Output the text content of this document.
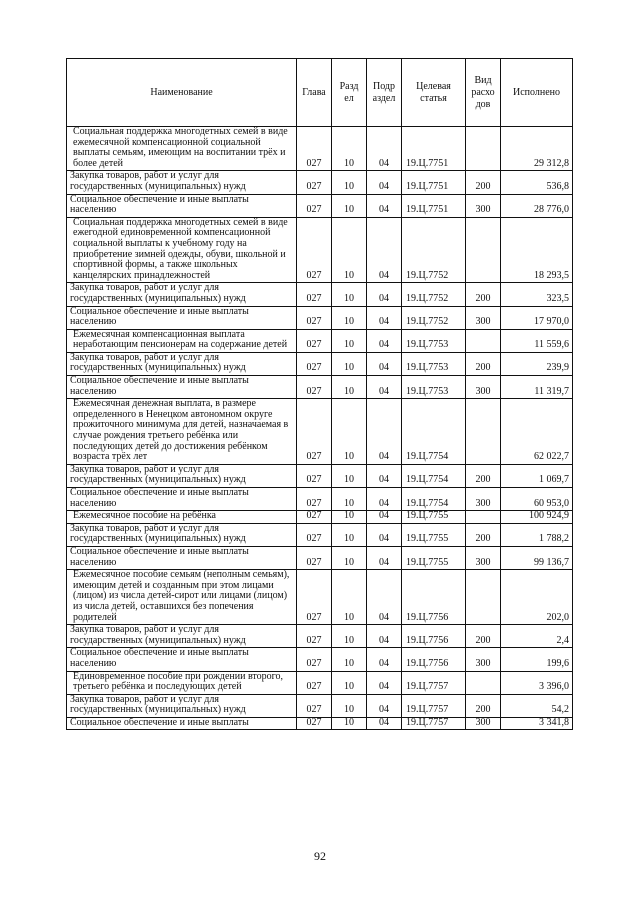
Наименование	Глава	Разд ел	Подр аздел	Целевая статья	Вид расхо дов	Исполнено
Социальная поддержка многодетных семей в виде ежемесячной компенсационной социальной выплаты семьям, имеющим на воспитании трёх и более детей	027	10	04	19.Ц.7751		29 312,8
Закупка товаров, работ и услуг для государственных (муниципальных) нужд	027	10	04	19.Ц.7751	200	536,8
Социальное обеспечение и иные выплаты населению	027	10	04	19.Ц.7751	300	28 776,0
Социальная поддержка многодетных семей в виде ежегодной единовременной компенсационной социальной выплаты к учебному году на приобретение зимней одежды, обуви, школьной и спортивной формы, а также школьных канцелярских принадлежностей	027	10	04	19.Ц.7752		18 293,5
Закупка товаров, работ и услуг для государственных (муниципальных) нужд	027	10	04	19.Ц.7752	200	323,5
Социальное обеспечение и иные выплаты населению	027	10	04	19.Ц.7752	300	17 970,0
Ежемесячная компенсационная выплата неработающим пенсионерам на содержание детей	027	10	04	19.Ц.7753		11 559,6
Закупка товаров, работ и услуг для государственных (муниципальных) нужд	027	10	04	19.Ц.7753	200	239,9
Социальное обеспечение и иные выплаты населению	027	10	04	19.Ц.7753	300	11 319,7
Ежемесячная денежная выплата, в размере определенного в Ненецком автономном округе прожиточного минимума для детей, назначаемая в случае рождения третьего ребёнка или последующих детей до достижения ребёнком возраста трёх лет	027	10	04	19.Ц.7754		62 022,7
Закупка товаров, работ и услуг для государственных (муниципальных) нужд	027	10	04	19.Ц.7754	200	1 069,7
Социальное обеспечение и иные выплаты населению	027	10	04	19.Ц.7754	300	60 953,0
Ежемесячное пособие на ребёнка	027	10	04	19.Ц.7755		100 924,9
Закупка товаров, работ и услуг для государственных (муниципальных) нужд	027	10	04	19.Ц.7755	200	1 788,2
Социальное обеспечение и иные выплаты населению	027	10	04	19.Ц.7755	300	99 136,7
Ежемесячное пособие семьям (неполным семьям), имеющим детей и созданным при этом лицами (лицом) из числа детей-сирот или лицами (лицом) из числа детей, оставшихся без попечения родителей	027	10	04	19.Ц.7756		202,0
Закупка товаров, работ и услуг для государственных (муниципальных) нужд	027	10	04	19.Ц.7756	200	2,4
Социальное обеспечение и иные выплаты населению	027	10	04	19.Ц.7756	300	199,6
Единовременное пособие при рождении второго, третьего ребёнка и последующих детей	027	10	04	19.Ц.7757		3 396,0
Закупка товаров, работ и услуг для государственных (муниципальных) нужд	027	10	04	19.Ц.7757	200	54,2
Социальное обеспечение и иные выплаты	027	10	04	19.Ц.7757	300	3 341,8
92
